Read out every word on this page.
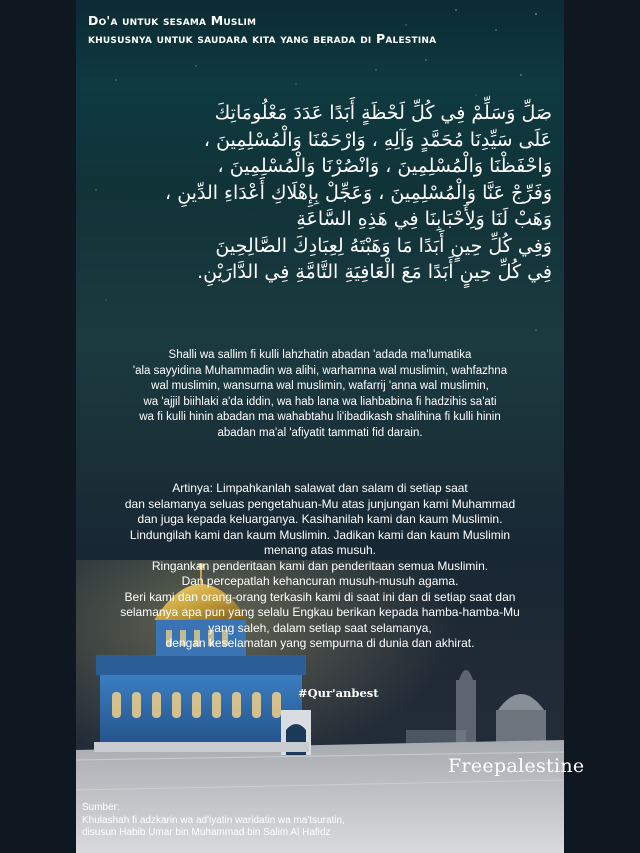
Do'a untuk sesama Muslim
khususnya untuk saudara kita yang berada di Palestina
صَلِّ وَسَلِّمْ فِي كُلِّ لَحْظَةٍ أَبَدًا عَدَدَ مَعْلُومَاتِكَ
عَلَى سَيِّدِنَا مُحَمَّدٍ وَآلِهِ ، وَارْحَمْنَا وَالْمُسْلِمِينَ ،
وَاحْفَظْنَا وَالْمُسْلِمِينَ ، وَانْصُرْنَا وَالْمُسْلِمِينَ ،
وَفَرِّجْ عَنَّا وَالْمُسْلِمِينَ ، وَعَجِّلْ بِإِهْلَاكِ أَعْدَاءِ الدِّينِ ،
وَهَبْ لَنَا وَلِأَحْبَابِنَا فِي هَذِهِ السَّاعَةِ
وَفِي كُلِّ حِينٍ أَبَدًا مَا وَهَبْتَهُ لِعِبَادِكَ الصَّالِحِينَ
فِي كُلِّ حِينٍ أَبَدًا مَعَ الْعَافِيَةِ التَّامَّةِ فِي الدَّارَيْنِ.
Shalli wa sallim fi kulli lahzhatin abadan 'adada ma'lumatika
'ala sayyidina Muhammadin wa alihi, warhamna wal muslimin, wahfazhna
wal muslimin, wansurna wal muslimin, wafarrij 'anna wal muslimin,
wa 'ajjil biihlaki a'da iddin, wa hab lana wa liahbabina fi hadzihis sa'ati
wa fi kulli hinin abadan ma wahabtahu li'ibadikash shalihina fi kulli hinin
abadan ma'al 'afiyatit tammati fid darain.
Artinya: Limpahkanlah salawat dan salam di setiap saat
dan selamanya seluas pengetahuan-Mu atas junjungan kami Muhammad
dan juga kepada keluarganya. Kasihanilah kami dan kaum Muslimin.
Lindungilah kami dan kaum Muslimin. Jadikan kami dan kaum Muslimin
menang atas musuh.
Ringankan penderitaan kami dan penderitaan semua Muslimin.
Dan percepatlah kehancuran musuh-musuh agama.
Beri kami dan orang-orang terkasih kami di saat ini dan di setiap saat dan
selamanya apa pun yang selalu Engkau berikan kepada hamba-hamba-Mu
yang saleh, dalam setiap saat selamanya,
dengan keselamatan yang sempurna di dunia dan akhirat.
#Qur'anbest
Freepalestine
Sumber:
Khulashah fi adzkarin wa ad'iyatin waridatin wa ma'tsuratin,
disusun Habib Umar bin Muhammad bin Salim Al Hafidz
